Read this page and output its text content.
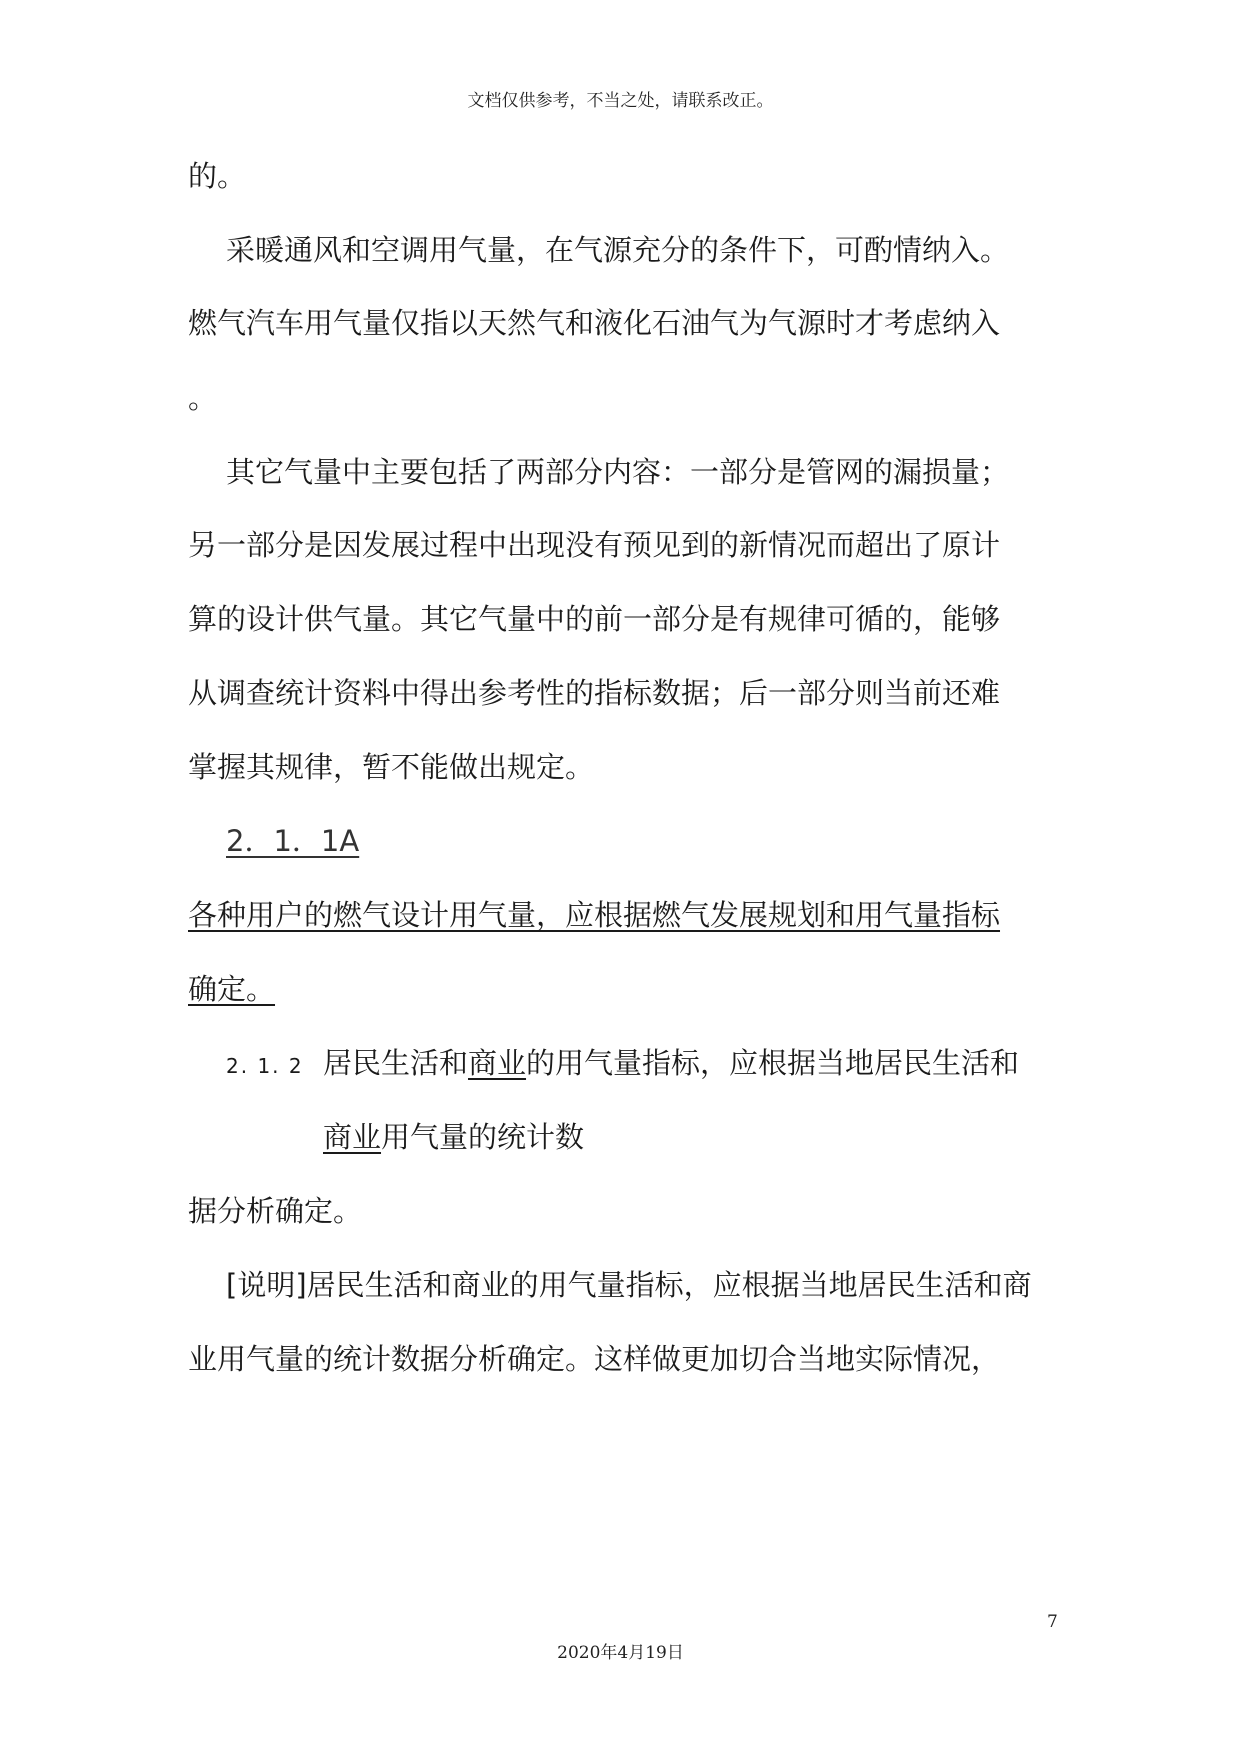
文档仅供参考，不当之处，请联系改正。
的。
采暖通风和空调用气量，在气源充分的条件下，可酌情纳入。
燃气汽车用气量仅指以天然气和液化石油气为气源时才考虑纳入
。
其它气量中主要包括了两部分内容：一部分是管网的漏损量；
另一部分是因发展过程中出现没有预见到的新情况而超出了原计
算的设计供气量。其它气量中的前一部分是有规律可循的，能够
从调查统计资料中得出参考性的指标数据；后一部分则当前还难
掌握其规律，暂不能做出规定。
2．1．1A
各种用户的燃气设计用气量，应根据燃气发展规划和用气量指标
确定。
2. 1. 2 居民生活和商业的用气量指标，应根据当地居民生活和
商业用气量的统计数
据分析确定。
[说明]居民生活和商业的用气量指标，应根据当地居民生活和商
业用气量的统计数据分析确定。这样做更加切合当地实际情况，
7
2020年4月19日
